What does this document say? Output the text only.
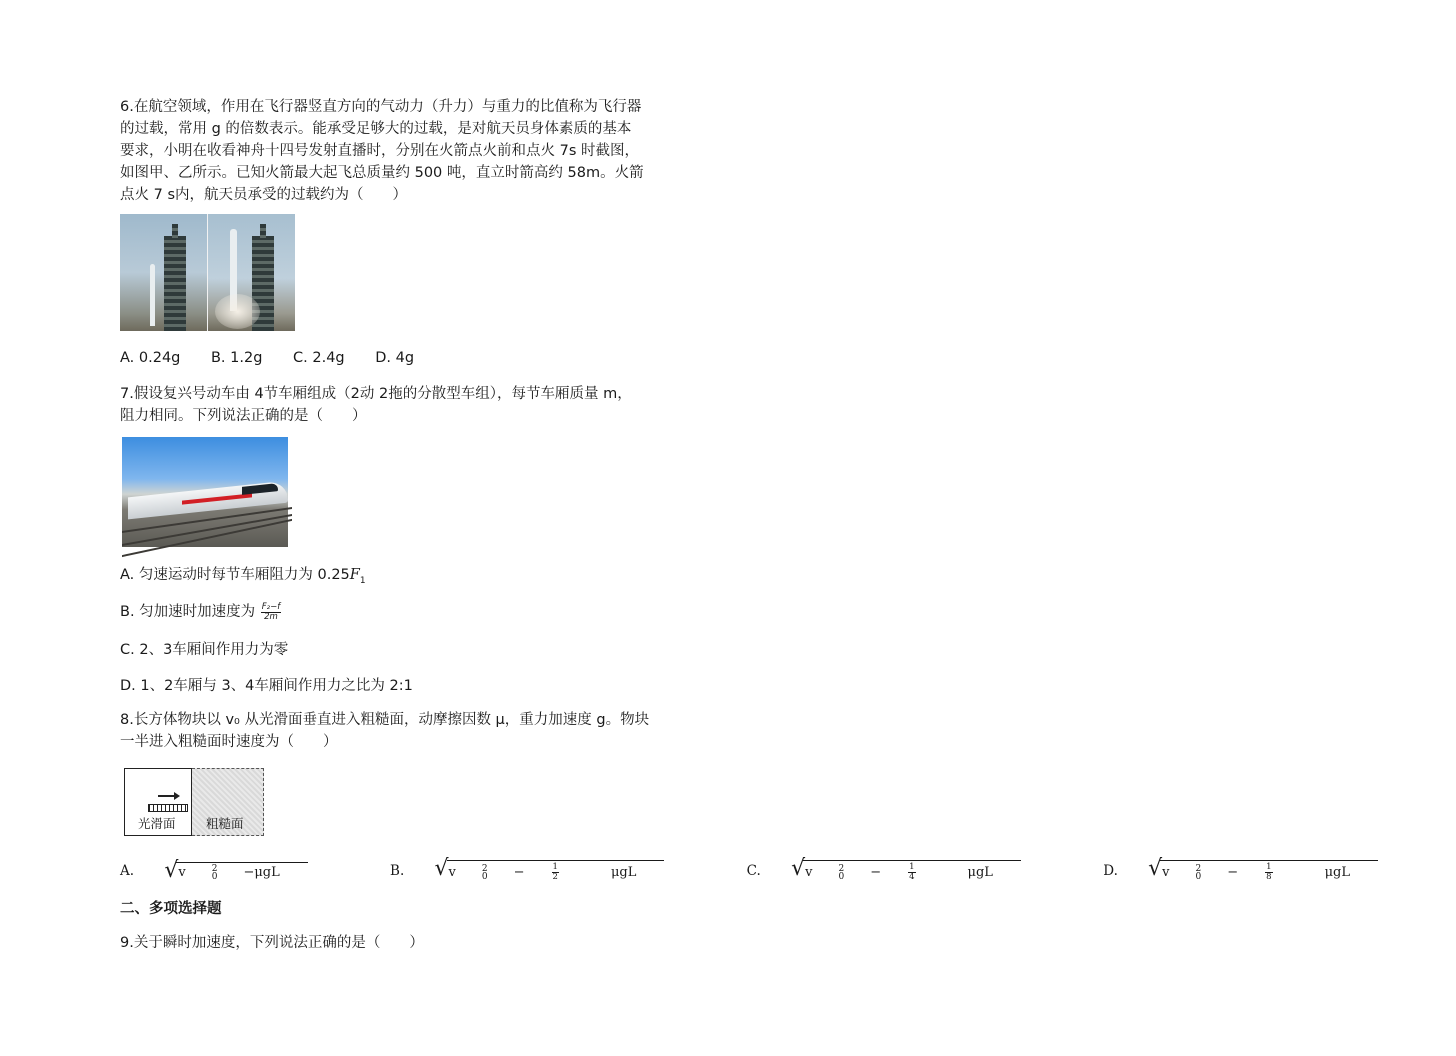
6.在航空领域，作用在飞行器竖直方向的气动力（升力）与重力的比值称为飞行器
的过载，常用 g 的倍数表示。能承受足够大的过载，是对航天员身体素质的基本
要求，小明在收看神舟十四号发射直播时，分别在火箭点火前和点火 7s 时截图，
如图甲、乙所示。已知火箭最大起飞总质量约 500 吨，直立时箭高约 58m。火箭
点火 7 s内，航天员承受的过载约为（　　）
A. 0.24g B. 1.2g C. 2.4g D. 4g
7.假设复兴号动车由 4节车厢组成（2动 2拖的分散型车组），每节车厢质量 m，
阻力相同。下列说法正确的是（　　）
A. 匀速运动时每节车厢阻力为 $0.25F_1$
B. 匀加速时加速度为 $\frac{\text{F₂−f}}{2m}$
C. 2、3车厢间作用力为零
D. 1、2车厢与 3、4车厢间作用力之比为 2:1
8.长方体物块以 v₀ 从光滑面垂直进入粗糙面，动摩擦因数 μ，重力加速度 g。物块
一半进入粗糙面时速度为（　　）
光滑面 粗糙面
A. √ v	2
0 −μgL	B. √ v	2
0 −	$\frac{1}{2}$ μgL	C. √ v	2
0 −	$\frac{1}{4}$ μgL	D. √ v	2
0 −	$\frac{1}{8}$ μgL
二、多项选择题
9.关于瞬时加速度，下列说法正确的是（　　）
